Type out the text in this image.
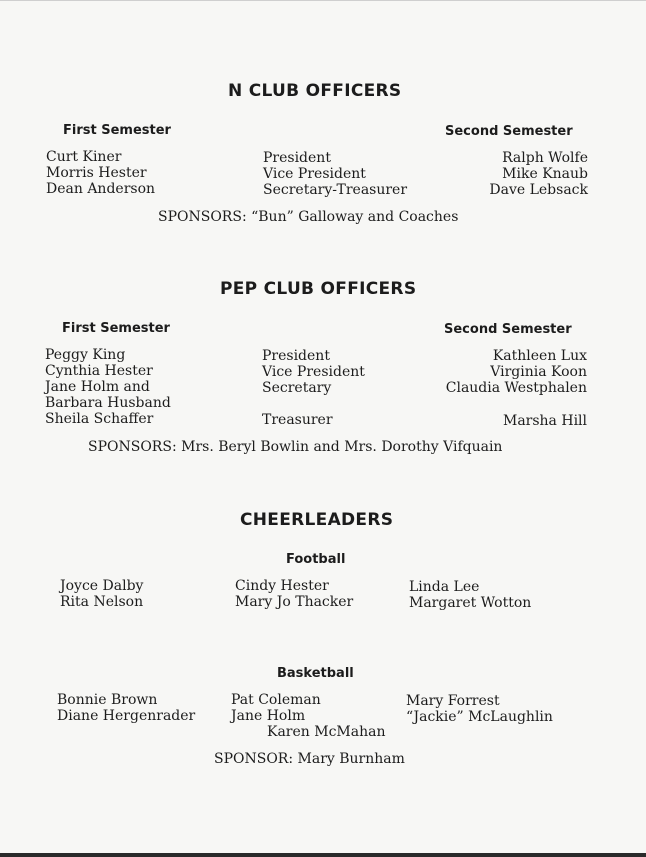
N CLUB OFFICERS
First Semester	Second Semester
Curt Kiner
Morris Hester
Dean Anderson
President
Vice President
Secretary-Treasurer
Ralph Wolfe
Mike Knaub
Dave Lebsack
SPONSORS: “Bun” Galloway and Coaches
PEP CLUB OFFICERS
First Semester	Second Semester
Peggy King
Cynthia Hester
Jane Holm and
Barbara Husband
Sheila Schaffer
President
Vice President
Secretary
Treasurer
Kathleen Lux
Virginia Koon
Claudia Westphalen
Marsha Hill
SPONSORS: Mrs. Beryl Bowlin and Mrs. Dorothy Vifquain
CHEERLEADERS
Football
Joyce Dalby
Rita Nelson
Cindy Hester
Mary Jo Thacker
Linda Lee
Margaret Wotton
Basketball
Bonnie Brown
Diane Hergenrader
Pat Coleman
Jane Holm
Karen McMahan
Mary Forrest
“Jackie” McLaughlin
SPONSOR: Mary Burnham
